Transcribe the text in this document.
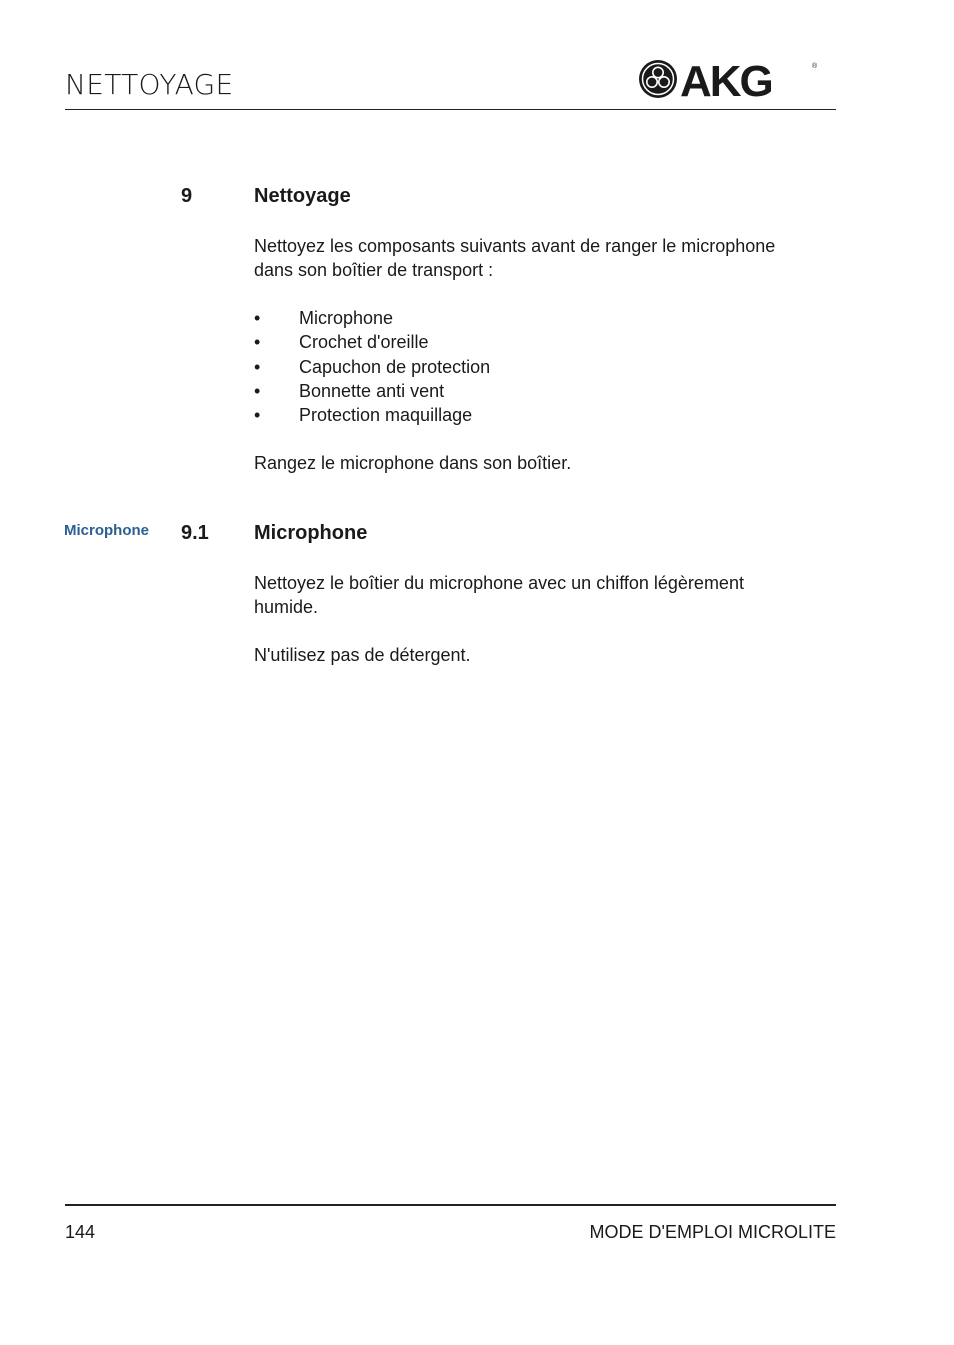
NETTOYAGE	AKG	®
9	Nettoyage
Nettoyez les composants suivants avant de ranger le microphone
dans son boîtier de transport :
• Microphone
• Crochet d'oreille
• Capuchon de protection
• Bonnette anti vent
• Protection maquillage
Rangez le microphone dans son boîtier.
Microphone 9.1 Microphone
Nettoyez le boîtier du microphone avec un chiffon légèrement
humide.
N'utilisez pas de détergent.
144	MODE D'EMPLOI MICROLITE
